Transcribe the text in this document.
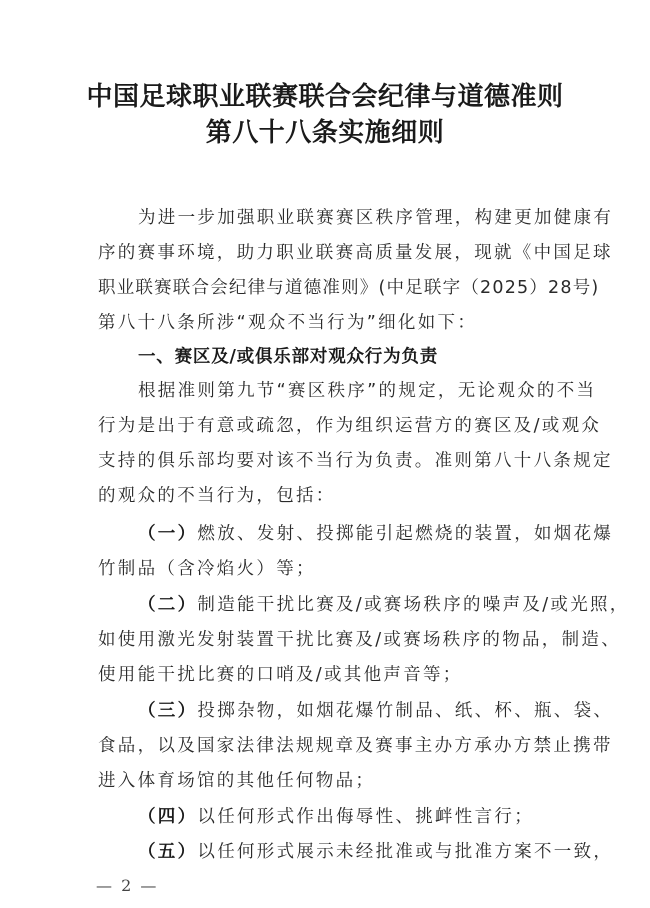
中国足球职业联赛联合会纪律与道德准则
第八十八条实施细则
为进一步加强职业联赛赛区秩序管理，构建更加健康有
序的赛事环境，助力职业联赛高质量发展，现就《中国足球
职业联赛联合会纪律与道德准则》(中足联字（2025）28号)
第八十八条所涉“观众不当行为”细化如下：
一、赛区及/或俱乐部对观众行为负责
根据准则第九节“赛区秩序”的规定，无论观众的不当
行为是出于有意或疏忽，作为组织运营方的赛区及/或观众
支持的俱乐部均要对该不当行为负责。准则第八十八条规定
的观众的不当行为，包括：
（一）燃放、发射、投掷能引起燃烧的装置，如烟花爆
竹制品（含冷焰火）等；
（二）制造能干扰比赛及/或赛场秩序的噪声及/或光照，
如使用激光发射装置干扰比赛及/或赛场秩序的物品，制造、
使用能干扰比赛的口哨及/或其他声音等；
（三）投掷杂物，如烟花爆竹制品、纸、杯、瓶、袋、
食品，以及国家法律法规规章及赛事主办方承办方禁止携带
进入体育场馆的其他任何物品；
（四）以任何形式作出侮辱性、挑衅性言行；
（五）以任何形式展示未经批准或与批准方案不一致，
— 2 —
